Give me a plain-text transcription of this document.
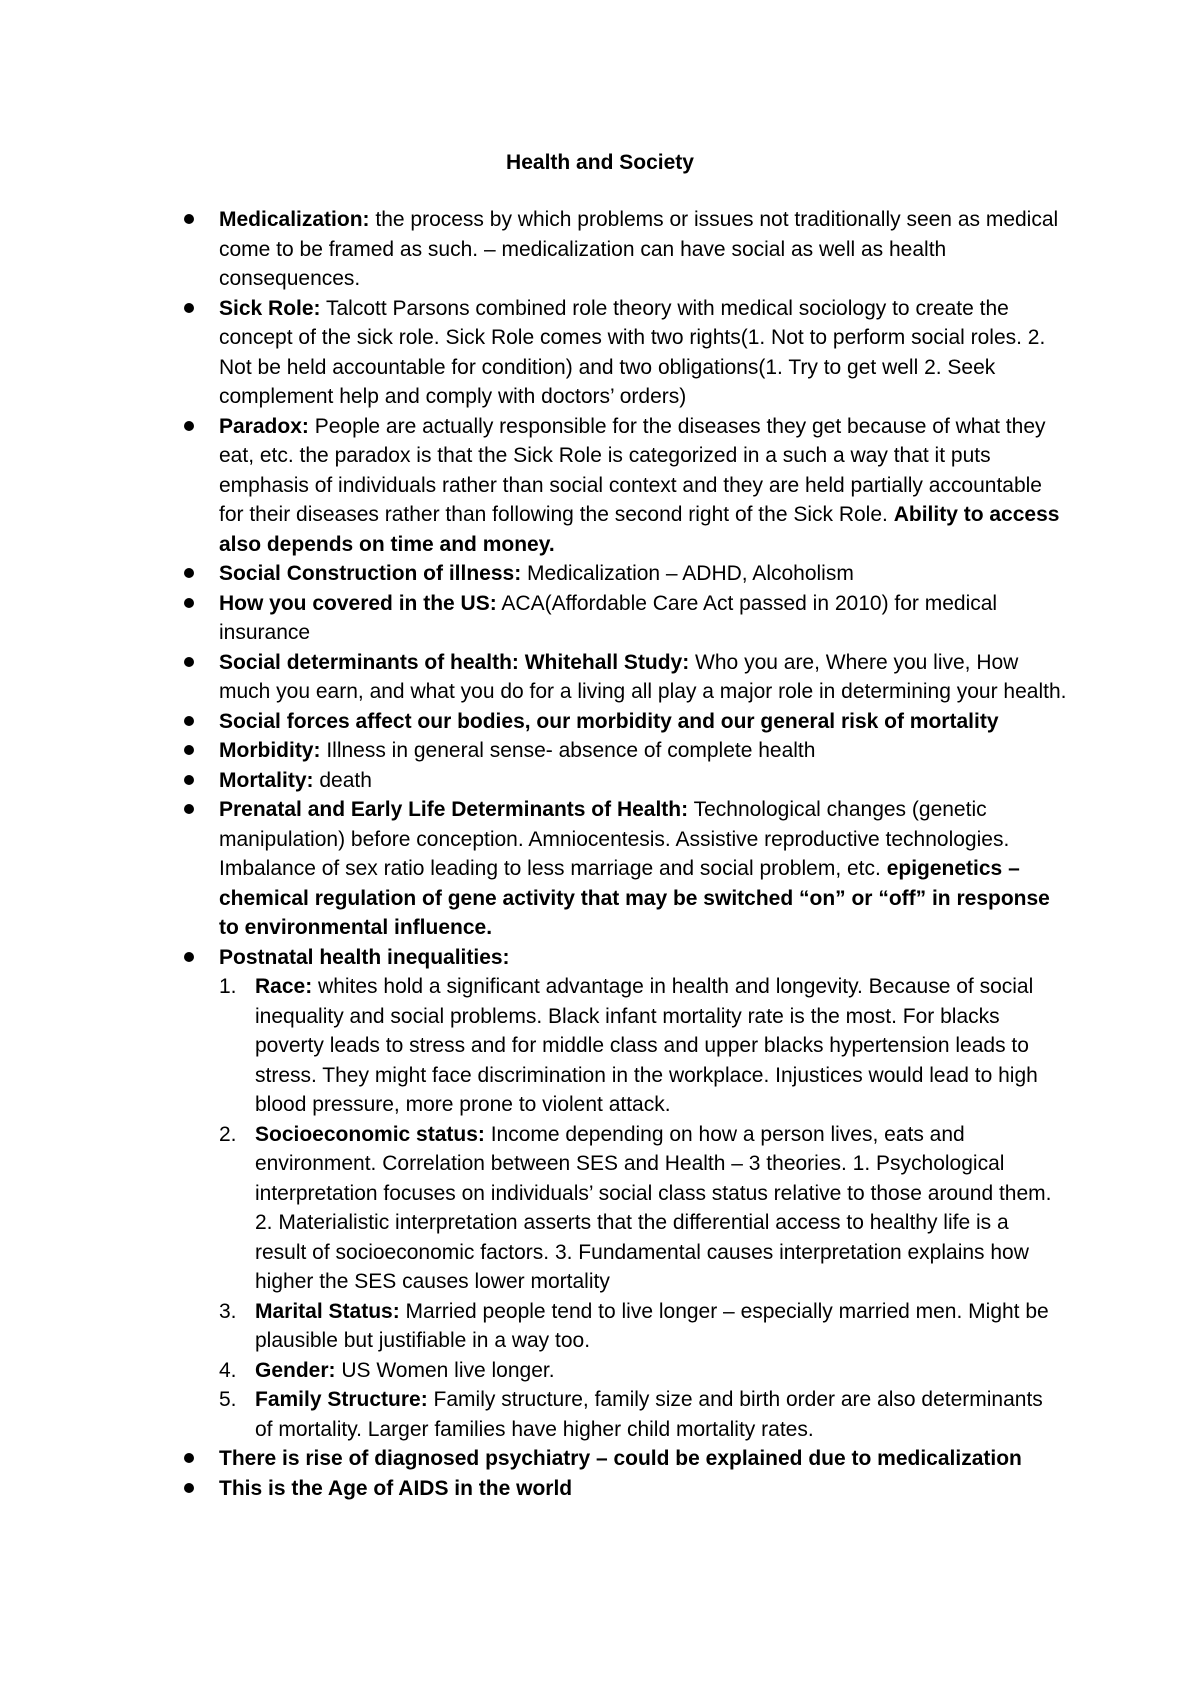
Health and Society
Medicalization: the process by which problems or issues not traditionally seen as medical come to be framed as such. – medicalization can have social as well as health consequences.
Sick Role: Talcott Parsons combined role theory with medical sociology to create the concept of the sick role. Sick Role comes with two rights(1. Not to perform social roles. 2. Not be held accountable for condition) and two obligations(1. Try to get well 2. Seek complement help and comply with doctors’ orders)
Paradox: People are actually responsible for the diseases they get because of what they eat, etc. the paradox is that the Sick Role is categorized in a such a way that it puts emphasis of individuals rather than social context and they are held partially accountable for their diseases rather than following the second right of the Sick Role. Ability to access also depends on time and money.
Social Construction of illness: Medicalization – ADHD, Alcoholism
How you covered in the US: ACA(Affordable Care Act passed in 2010) for medical insurance
Social determinants of health: Whitehall Study: Who you are, Where you live, How much you earn, and what you do for a living all play a major role in determining your health.
Social forces affect our bodies, our morbidity and our general risk of mortality
Morbidity: Illness in general sense- absence of complete health
Mortality: death
Prenatal and Early Life Determinants of Health: Technological changes (genetic manipulation) before conception. Amniocentesis. Assistive reproductive technologies. Imbalance of sex ratio leading to less marriage and social problem, etc. epigenetics – chemical regulation of gene activity that may be switched “on” or “off” in response to environmental influence.
Postnatal health inequalities:
1. Race: whites hold a significant advantage in health and longevity. Because of social inequality and social problems. Black infant mortality rate is the most. For blacks poverty leads to stress and for middle class and upper blacks hypertension leads to stress. They might face discrimination in the workplace. Injustices would lead to high blood pressure, more prone to violent attack.
2. Socioeconomic status: Income depending on how a person lives, eats and environment. Correlation between SES and Health – 3 theories. 1. Psychological interpretation focuses on individuals’ social class status relative to those around them. 2. Materialistic interpretation asserts that the differential access to healthy life is a result of socioeconomic factors. 3. Fundamental causes interpretation explains how higher the SES causes lower mortality
3. Marital Status: Married people tend to live longer – especially married men. Might be plausible but justifiable in a way too.
4. Gender: US Women live longer.
5. Family Structure: Family structure, family size and birth order are also determinants of mortality. Larger families have higher child mortality rates.
There is rise of diagnosed psychiatry – could be explained due to medicalization
This is the Age of AIDS in the world
